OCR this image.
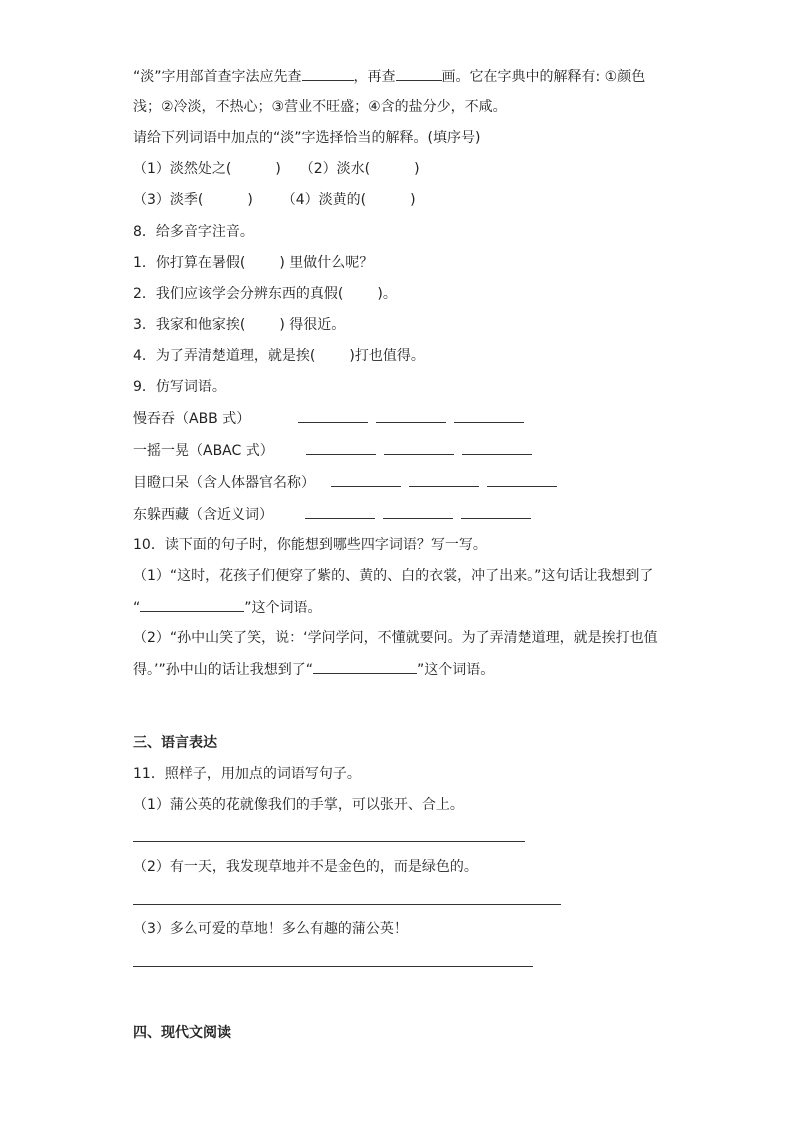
“淡”字用部首查字法应先查	，再查	画。它在字典中的解释有: ①颜色
浅；②冷淡，不热心；③营业不旺盛；④含的盐分少，不咸。
请给下列词语中加点的“淡”字选择恰当的解释。(填序号)
（1）淡然处之(	) （2）淡水(	)
（3）淡季(	) （4）淡黄的(	)
8．给多音字注音。
1．你打算在暑假( ) 里做什么呢？
2．我们应该学会分辨东西的真假( )。
3．我家和他家挨( ) 得很近。
4．为了弄清楚道理，就是挨( )打也值得。
9．仿写词语。
慢吞吞（ABB 式）
一摇一晃（ABAC 式）
目瞪口呆（含人体器官名称）
东躲西藏（含近义词）
10．读下面的句子时，你能想到哪些四字词语？写一写。
（1）“这时，花孩子们便穿了紫的、黄的、白的衣裳，冲了出来。”这句话让我想到了
“	”这个词语。
（2）“孙中山笑了笑，说：‘学问学问，不懂就要问。为了弄清楚道理，就是挨打也值
得。’”孙中山的话让我想到了“	”这个词语。
三、语言表达
11．照样子，用加点的词语写句子。
（1）蒲公英的花就像我们的手掌，可以张开、合上。
（2）有一天，我发现草地并不是金色的，而是绿色的。
（3）多么可爱的草地！多么有趣的蒲公英！
四、现代文阅读
